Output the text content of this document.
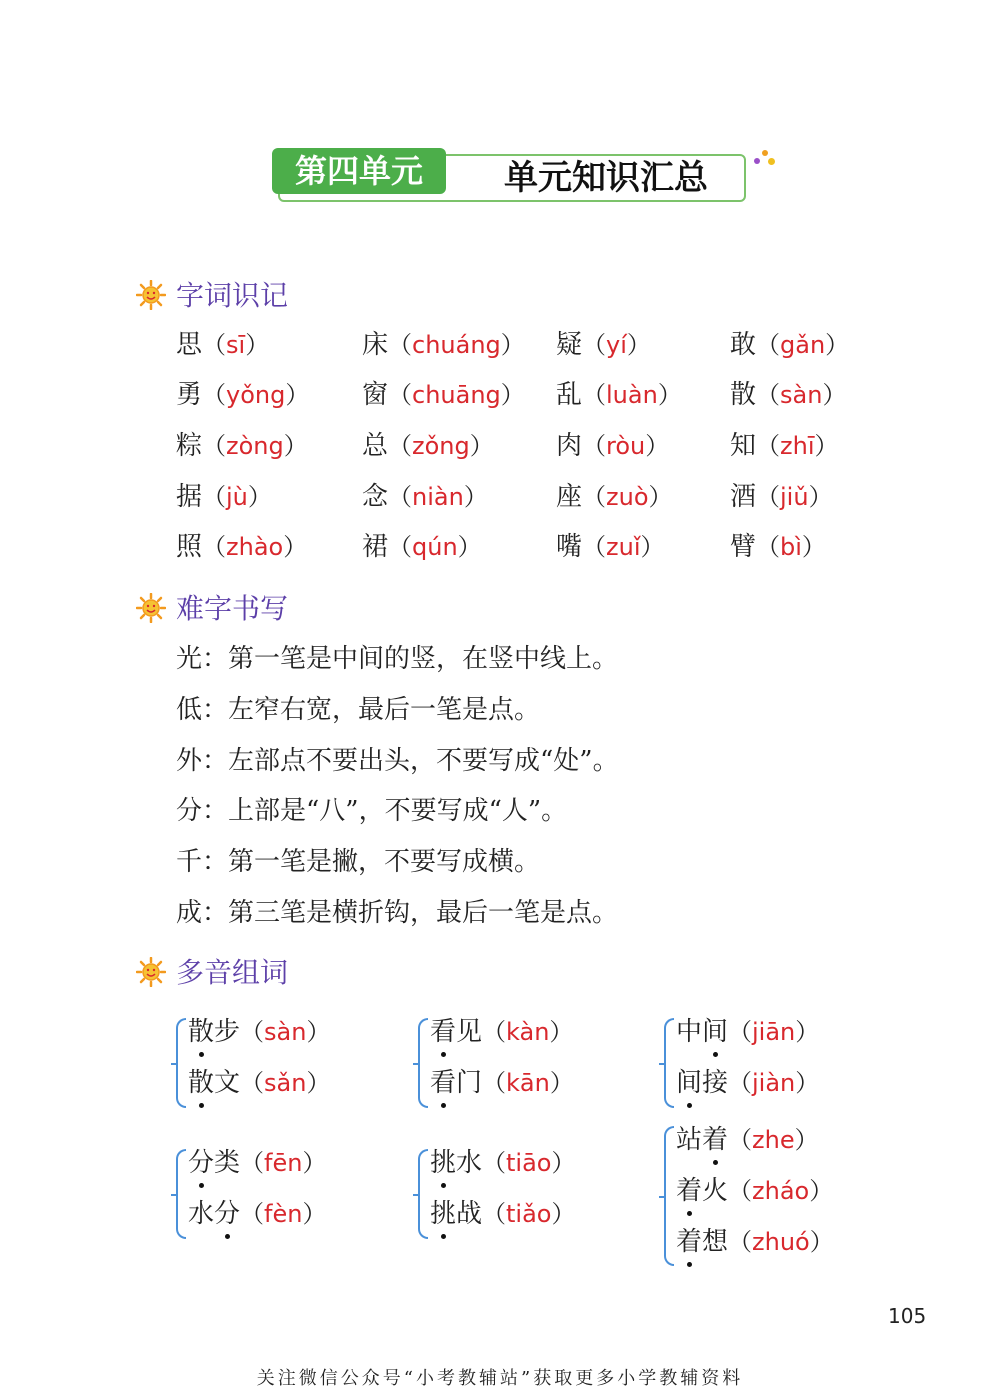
第四单元	单元知识汇总
字词识记
思（sī）	床（chuáng） 疑（yí）	敢（gǎn）
勇（yǒng） 窗（chuāng） 乱（luàn） 散（sàn）
粽（zòng） 总（zǒng） 肉（ròu） 知（zhī）
据（jù）	念（niàn）	座（zuò） 酒（jiǔ）
照（zhào） 裙（qún）	嘴（zuǐ）	臂（bì）
难字书写
光：第一笔是中间的竖，在竖中线上。
低：左窄右宽，最后一笔是点。
外：左部点不要出头，不要写成“处”。
分：上部是“八”，不要写成“人”。
千：第一笔是撇，不要写成横。
成：第三笔是横折钩，最后一笔是点。
多音组词
散步（sàn）
散文（sǎn）
看见（kàn）
看门（kān）
中间（jiān）
间接（jiàn）
分类（fēn）
水分（fèn）
挑水（tiāo）
挑战（tiǎo）
站着（zhe）
着火（zháo）
着想（zhuó）
105
关注微信公众号“小考教辅站”获取更多小学教辅资料
